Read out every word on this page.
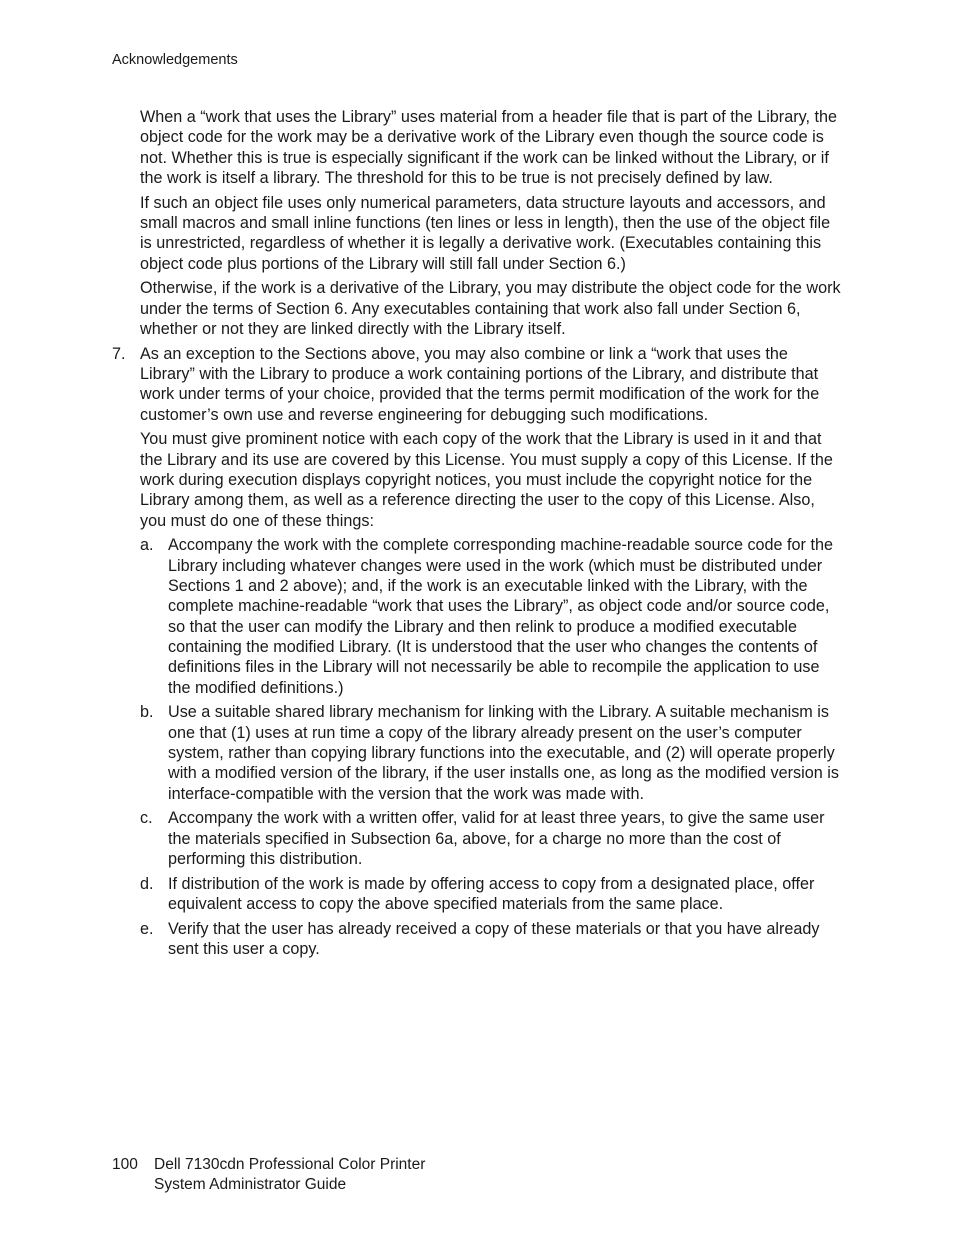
Acknowledgements

When a “work that uses the Library” uses material from a header file that is part of the Library, the object code for the work may be a derivative work of the Library even though the source code is not. Whether this is true is especially significant if the work can be linked without the Library, or if the work is itself a library. The threshold for this to be true is not precisely defined by law.

If such an object file uses only numerical parameters, data structure layouts and accessors, and small macros and small inline functions (ten lines or less in length), then the use of the object file is unrestricted, regardless of whether it is legally a derivative work. (Executables containing this object code plus portions of the Library will still fall under Section 6.)

Otherwise, if the work is a derivative of the Library, you may distribute the object code for the work under the terms of Section 6. Any executables containing that work also fall under Section 6, whether or not they are linked directly with the Library itself.

7. As an exception to the Sections above, you may also combine or link a “work that uses the Library” with the Library to produce a work containing portions of the Library, and distribute that work under terms of your choice, provided that the terms permit modification of the work for the customer’s own use and reverse engineering for debugging such modifications.

You must give prominent notice with each copy of the work that the Library is used in it and that the Library and its use are covered by this License. You must supply a copy of this License. If the work during execution displays copyright notices, you must include the copyright notice for the Library among them, as well as a reference directing the user to the copy of this License. Also, you must do one of these things:

a. Accompany the work with the complete corresponding machine-readable source code for the Library including whatever changes were used in the work (which must be distributed under Sections 1 and 2 above); and, if the work is an executable linked with the Library, with the complete machine-readable “work that uses the Library”, as object code and/or source code, so that the user can modify the Library and then relink to produce a modified executable containing the modified Library. (It is understood that the user who changes the contents of definitions files in the Library will not necessarily be able to recompile the application to use the modified definitions.)
b. Use a suitable shared library mechanism for linking with the Library. A suitable mechanism is one that (1) uses at run time a copy of the library already present on the user’s computer system, rather than copying library functions into the executable, and (2) will operate properly with a modified version of the library, if the user installs one, as long as the modified version is interface-compatible with the version that the work was made with.
c. Accompany the work with a written offer, valid for at least three years, to give the same user the materials specified in Subsection 6a, above, for a charge no more than the cost of performing this distribution.
d. If distribution of the work is made by offering access to copy from a designated place, offer equivalent access to copy the above specified materials from the same place.
e. Verify that the user has already received a copy of these materials or that you have already sent this user a copy.
100	Dell 7130cdn Professional Color Printer
System Administrator Guide
